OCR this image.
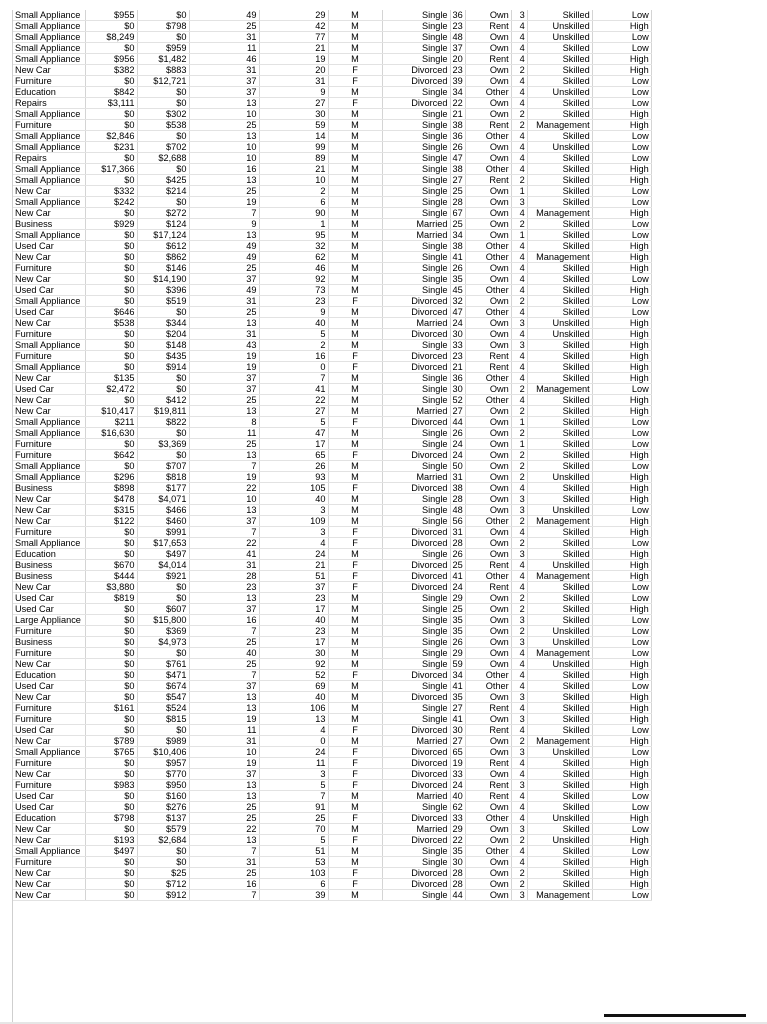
Small Appliance	$955	$0	49	29	M	Single	36	Own	3	Skilled	Low
Small Appliance	$0	$798	25	42	M	Single	23	Rent	4	Unskilled	High
Small Appliance	$8,249	$0	31	77	M	Single	48	Own	4	Unskilled	Low
Small Appliance	$0	$959	11	21	M	Single	37	Own	4	Skilled	Low
Small Appliance	$956	$1,482	46	19	M	Single	20	Rent	4	Skilled	High
New Car	$382	$883	31	20	F	Divorced	23	Own	2	Skilled	High
Furniture	$0	$12,721	37	31	F	Divorced	39	Own	4	Skilled	Low
Education	$842	$0	37	9	M	Single	34	Other	4	Unskilled	Low
Repairs	$3,111	$0	13	27	F	Divorced	22	Own	4	Skilled	Low
Small Appliance	$0	$302	10	30	M	Single	21	Own	2	Skilled	High
Furniture	$0	$538	25	59	M	Single	38	Rent	2	Management	High
Small Appliance	$2,846	$0	13	14	M	Single	36	Other	4	Skilled	Low
Small Appliance	$231	$702	10	99	M	Single	26	Own	4	Unskilled	Low
Repairs	$0	$2,688	10	89	M	Single	47	Own	4	Skilled	Low
Small Appliance	$17,366	$0	16	21	M	Single	38	Other	4	Skilled	High
Small Appliance	$0	$425	13	10	M	Single	27	Rent	2	Skilled	High
New Car	$332	$214	25	2	M	Single	25	Own	1	Skilled	Low
Small Appliance	$242	$0	19	6	M	Single	28	Own	3	Skilled	Low
New Car	$0	$272	7	90	M	Single	67	Own	4	Management	High
Business	$929	$124	9	1	M	Married	25	Own	2	Skilled	Low
Small Appliance	$0	$17,124	13	95	M	Married	34	Own	1	Skilled	Low
Used Car	$0	$612	49	32	M	Single	38	Other	4	Skilled	High
New Car	$0	$862	49	62	M	Single	41	Other	4	Management	High
Furniture	$0	$146	25	46	M	Single	26	Own	4	Skilled	High
New Car	$0	$14,190	37	92	M	Single	35	Own	4	Skilled	Low
Used Car	$0	$396	49	73	M	Single	45	Other	4	Skilled	High
Small Appliance	$0	$519	31	23	F	Divorced	32	Own	2	Skilled	Low
Used Car	$646	$0	25	9	M	Divorced	47	Other	4	Skilled	Low
New Car	$538	$344	13	40	M	Married	24	Own	3	Unskilled	High
Furniture	$0	$204	31	5	M	Divorced	30	Own	4	Unskilled	High
Small Appliance	$0	$148	43	2	M	Single	33	Own	3	Skilled	High
Furniture	$0	$435	19	16	F	Divorced	23	Rent	4	Skilled	High
Small Appliance	$0	$914	19	0	F	Divorced	21	Rent	4	Skilled	High
New Car	$135	$0	37	7	M	Single	36	Other	4	Skilled	High
Used Car	$2,472	$0	37	41	M	Single	30	Own	2	Management	Low
New Car	$0	$412	25	22	M	Single	52	Other	4	Skilled	High
New Car	$10,417	$19,811	13	27	M	Married	27	Own	2	Skilled	High
Small Appliance	$211	$822	8	5	F	Divorced	44	Own	1	Skilled	Low
Small Appliance	$16,630	$0	11	47	M	Single	26	Own	2	Skilled	Low
Furniture	$0	$3,369	25	17	M	Single	24	Own	1	Skilled	Low
Furniture	$642	$0	13	65	F	Divorced	24	Own	2	Skilled	High
Small Appliance	$0	$707	7	26	M	Single	50	Own	2	Skilled	Low
Small Appliance	$296	$818	19	93	M	Married	31	Own	2	Unskilled	High
Business	$898	$177	22	105	F	Divorced	38	Own	4	Skilled	High
New Car	$478	$4,071	10	40	M	Single	28	Own	3	Skilled	High
New Car	$315	$466	13	3	M	Single	48	Own	3	Unskilled	Low
New Car	$122	$460	37	109	M	Single	56	Other	2	Management	High
Furniture	$0	$991	7	3	F	Divorced	31	Own	4	Skilled	High
Small Appliance	$0	$17,653	22	4	F	Divorced	28	Own	2	Skilled	Low
Education	$0	$497	41	24	M	Single	26	Own	3	Skilled	High
Business	$670	$4,014	31	21	F	Divorced	25	Rent	4	Unskilled	High
Business	$444	$921	28	51	F	Divorced	41	Other	4	Management	High
New Car	$3,880	$0	23	37	F	Divorced	24	Rent	4	Skilled	Low
Used Car	$819	$0	13	23	M	Single	29	Own	2	Skilled	Low
Used Car	$0	$607	37	17	M	Single	25	Own	2	Skilled	High
Large Appliance	$0	$15,800	16	40	M	Single	35	Own	3	Skilled	Low
Furniture	$0	$369	7	23	M	Single	35	Own	2	Unskilled	Low
Business	$0	$4,973	25	17	M	Single	26	Own	3	Unskilled	Low
Furniture	$0	$0	40	30	M	Single	29	Own	4	Management	Low
New Car	$0	$761	25	92	M	Single	59	Own	4	Unskilled	High
Education	$0	$471	7	52	F	Divorced	34	Other	4	Skilled	High
Used Car	$0	$674	37	69	M	Single	41	Other	4	Skilled	Low
New Car	$0	$547	13	40	M	Divorced	35	Own	3	Skilled	High
Furniture	$161	$524	13	106	M	Single	27	Rent	4	Skilled	High
Furniture	$0	$815	19	13	M	Single	41	Own	3	Skilled	High
Used Car	$0	$0	11	4	F	Divorced	30	Rent	4	Skilled	Low
New Car	$789	$989	31	0	M	Married	27	Own	2	Management	High
Small Appliance	$765	$10,406	10	24	F	Divorced	65	Own	3	Unskilled	Low
Furniture	$0	$957	19	11	F	Divorced	19	Rent	4	Skilled	High
New Car	$0	$770	37	3	F	Divorced	33	Own	4	Skilled	High
Furniture	$983	$950	13	5	F	Divorced	24	Rent	3	Skilled	High
Used Car	$0	$160	13	7	M	Married	40	Rent	4	Skilled	Low
Used Car	$0	$276	25	91	M	Single	62	Own	4	Skilled	Low
Education	$798	$137	25	25	F	Divorced	33	Other	4	Unskilled	High
New Car	$0	$579	22	70	M	Married	29	Own	3	Skilled	Low
New Car	$193	$2,684	13	5	F	Divorced	22	Own	2	Unskilled	High
Small Appliance	$497	$0	7	51	M	Single	35	Other	4	Skilled	Low
Furniture	$0	$0	31	53	M	Single	30	Own	4	Skilled	High
New Car	$0	$25	25	103	F	Divorced	28	Own	2	Skilled	High
New Car	$0	$712	16	6	F	Divorced	28	Own	2	Skilled	High
New Car	$0	$912	7	39	M	Single	44	Own	3	Management	Low
